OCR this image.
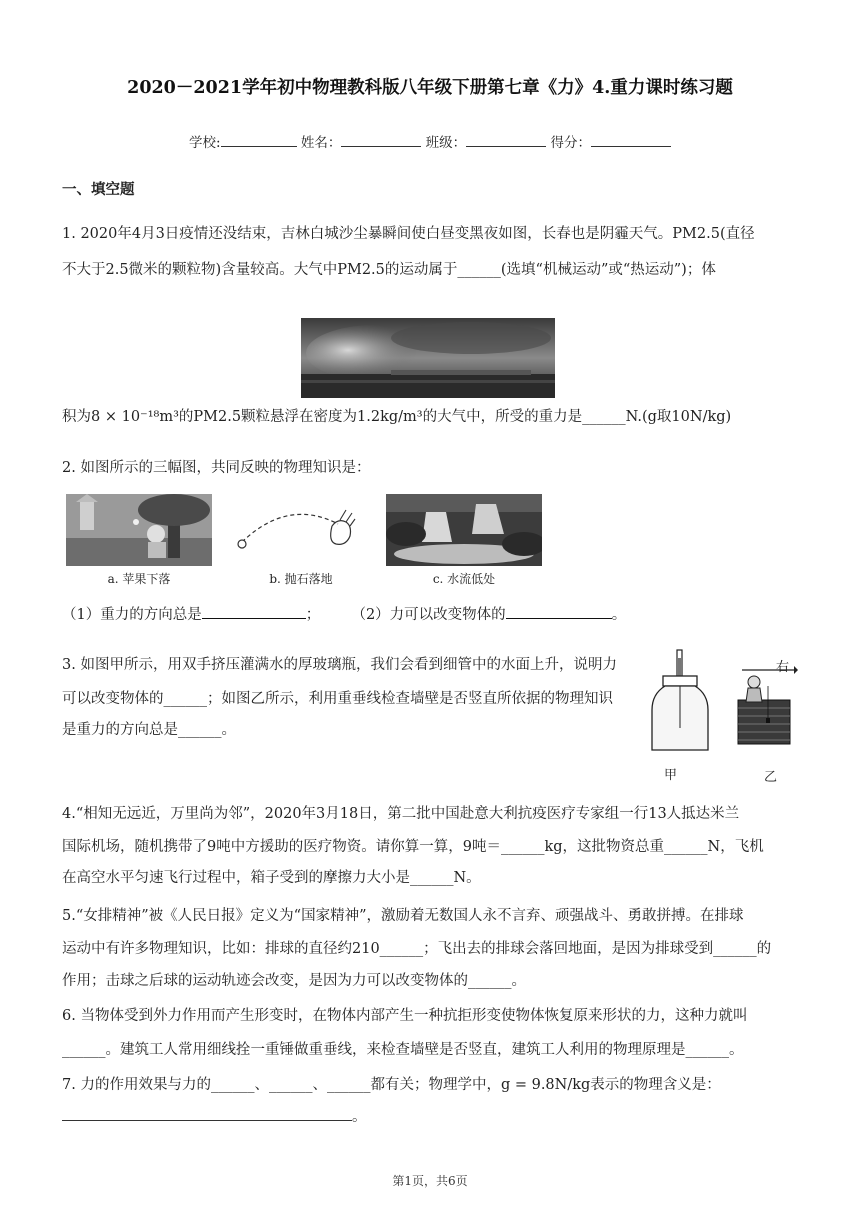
2020－2021学年初中物理教科版八年级下册第七章《力》4.重力课时练习题
学校:	姓名：	班级：	得分：
一、填空题
1. 2020年4月3日疫情还没结束，吉林白城沙尘暴瞬间使白昼变黑夜如图，长春也是阴霾天气。PM2.5(直径
不大于2.5微米的颗粒物)含量较高。大气中PM2.5的运动属于______(选填“机械运动”或“热运动”)；体
积为8 × 10⁻¹⁸m³的PM2.5颗粒悬浮在密度为1.2kg/m³的大气中，所受的重力是______N.(g取10N/kg)
2. 如图所示的三幅图，共同反映的物理知识是：
a. 苹果下落	b. 抛石落地	c. 水流低处
（1）重力的方向总是	； （2）力可以改变物体的	。
3. 如图甲所示，用双手挤压灌满水的厚玻璃瓶，我们会看到细管中的水面上升，说明力
可以改变物体的______；如图乙所示，利用重垂线检查墙壁是否竖直所依据的物理知识
是重力的方向总是______。
甲
右
乙
4.“相知无远近，万里尚为邻”，2020年3月18日，第二批中国赴意大利抗疫医疗专家组一行13人抵达米兰
国际机场，随机携带了9吨中方援助的医疗物资。请你算一算，9吨＝______kg，这批物资总重______N，飞机
在高空水平匀速飞行过程中，箱子受到的摩擦力大小是______N。
5.“女排精神”被《人民日报》定义为“国家精神”，激励着无数国人永不言弃、顽强战斗、勇敢拼搏。在排球
运动中有许多物理知识，比如：排球的直径约210______；飞出去的排球会落回地面，是因为排球受到______的
作用；击球之后球的运动轨迹会改变，是因为力可以改变物体的______。
6. 当物体受到外力作用而产生形变时，在物体内部产生一种抗拒形变使物体恢复原来形状的力，这种力就叫
______。建筑工人常用细线拴一重锤做重垂线，来检查墙壁是否竖直，建筑工人利用的物理原理是______。
7. 力的作用效果与力的______、______、______都有关；物理学中，g = 9.8N/kg表示的物理含义是：
。
第1页，共6页
